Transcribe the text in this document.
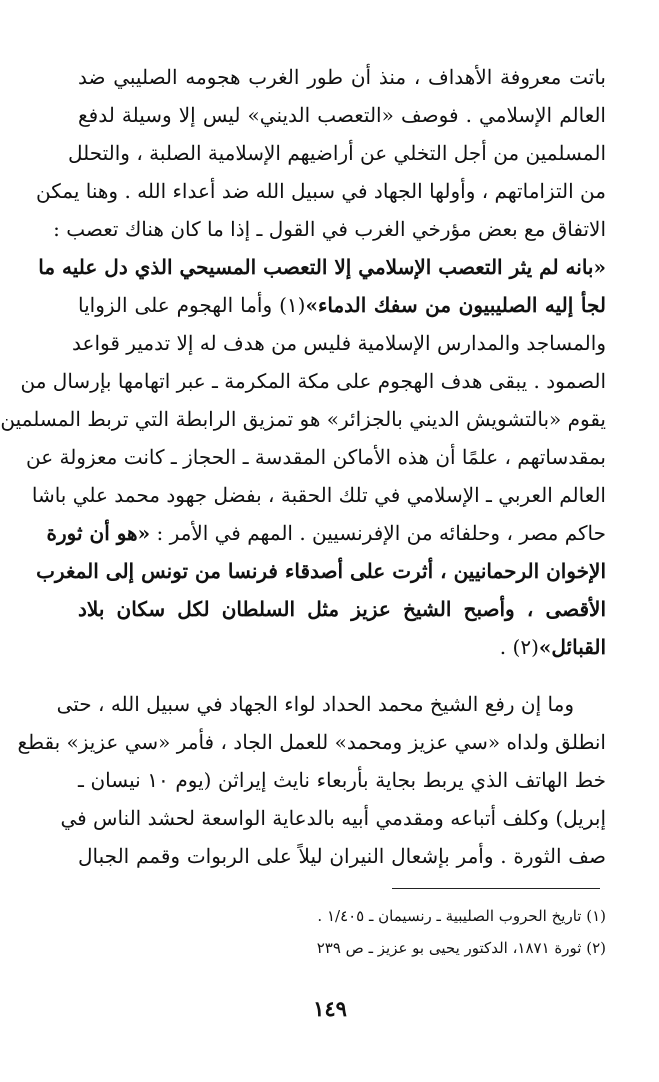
باتت معروفة الأهداف ، منذ أن طور الغرب هجومه الصليبي ضد
العالم الإسلامي . فوصف «التعصب الديني» ليس إلا وسيلة لدفع
المسلمين من أجل التخلي عن أراضيهم الإسلامية الصلبة ، والتحلل
من التزاماتهم ، وأولها الجهاد في سبيل الله ضد أعداء الله . وهنا يمكن
الاتفاق مع بعض مؤرخي الغرب في القول ـ إذا ما كان هناك تعصب :
«بانه لم يثر التعصب الإسلامي إلا التعصب المسيحي الذي دل عليه ما
لجأ إليه الصليبيون من سفك الدماء»(١) وأما الهجوم على الزوايا
والمساجد والمدارس الإسلامية فليس من هدف له إلا تدمير قواعد
الصمود . يبقى هدف الهجوم على مكة المكرمة ـ عبر اتهامها بإرسال من
يقوم «بالتشويش الديني بالجزائر» هو تمزيق الرابطة التي تربط المسلمين
بمقدساتهم ، علمًا أن هذه الأماكن المقدسة ـ الحجاز ـ كانت معزولة عن
العالم العربي ـ الإسلامي في تلك الحقبة ، بفضل جهود محمد علي باشا
حاكم مصر ، وحلفائه من الإفرنسيين . المهم في الأمر : «هو أن ثورة
الإخوان الرحمانيين ، أثرت على أصدقاء فرنسا من تونس إلى المغرب
الأقصى ، وأصبح الشيخ عزيز مثل السلطان لكل سكان بلاد
القبائل»(٢) .
وما إن رفع الشيخ محمد الحداد لواء الجهاد في سبيل الله ، حتى
انطلق ولداه «سي عزيز ومحمد» للعمل الجاد ، فأمر «سي عزيز» بقطع
خط الهاتف الذي يربط بجاية بأربعاء نايث إيراثن (يوم ١٠ نيسان ـ
إبريل) وكلف أتباعه ومقدمي أبيه بالدعاية الواسعة لحشد الناس في
صف الثورة . وأمر بإشعال النيران ليلاً على الربوات وقمم الجبال
(١) تاريخ الحروب الصليبية ـ رنسيمان ـ ١/٤٠٥ .
(٢) ثورة ١٨٧١، الدكتور يحيى بو عزيز ـ ص ٢٣٩
١٤٩
